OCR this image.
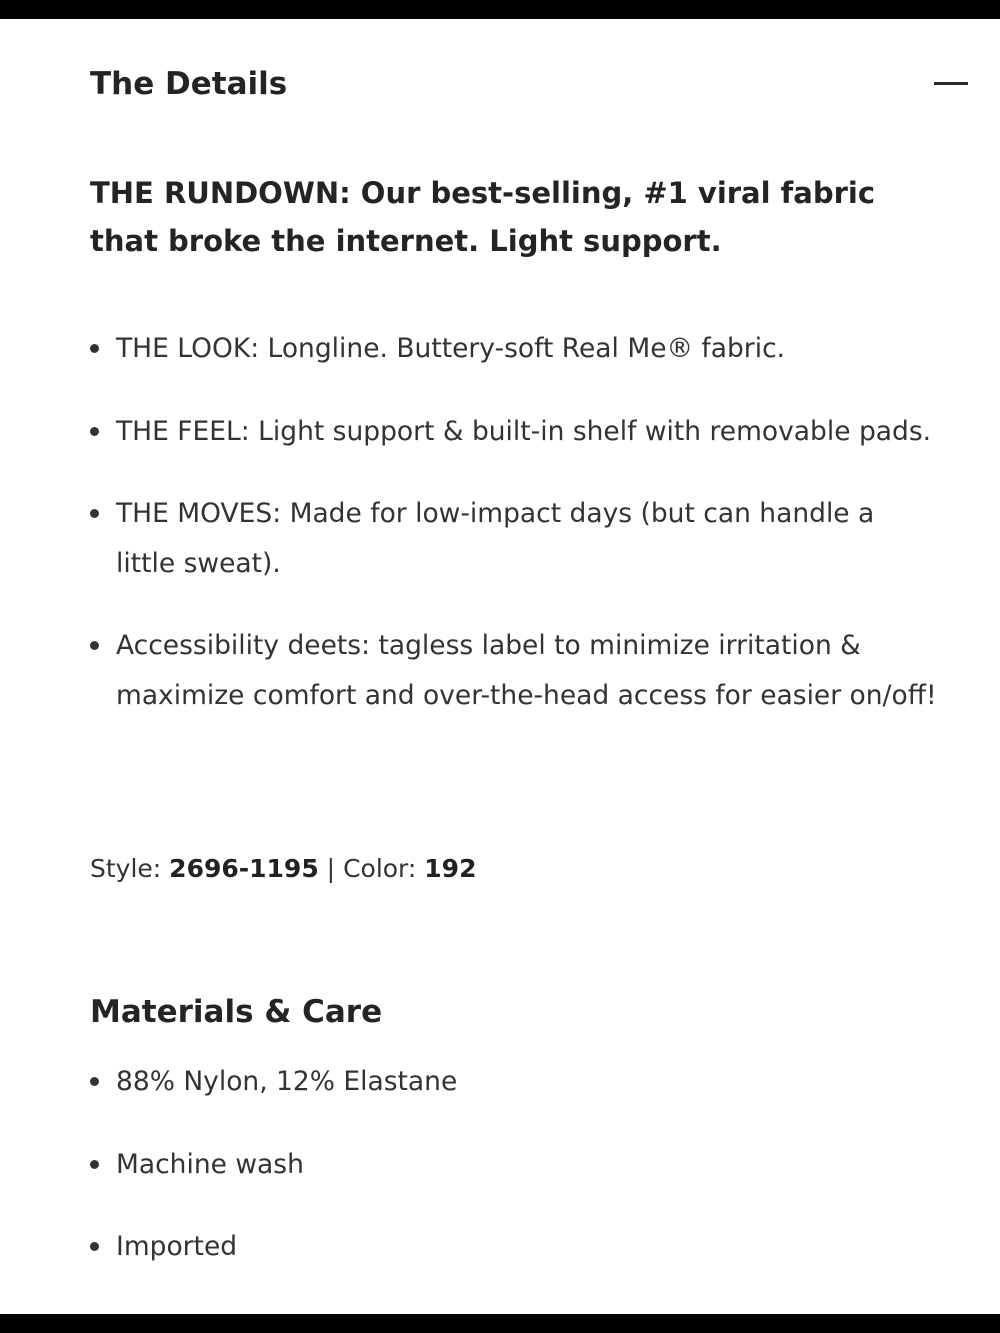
The Details
THE RUNDOWN: Our best-selling, #1 viral fabric that broke the internet. Light support.
THE LOOK: Longline. Buttery-soft Real Me® fabric.
THE FEEL: Light support & built-in shelf with removable pads.
THE MOVES: Made for low-impact days (but can handle a little sweat).
Accessibility deets: tagless label to minimize irritation & maximize comfort and over-the-head access for easier on/off!
Style: 2696-1195 | Color: 192
Materials & Care
88% Nylon, 12% Elastane
Machine wash
Imported
